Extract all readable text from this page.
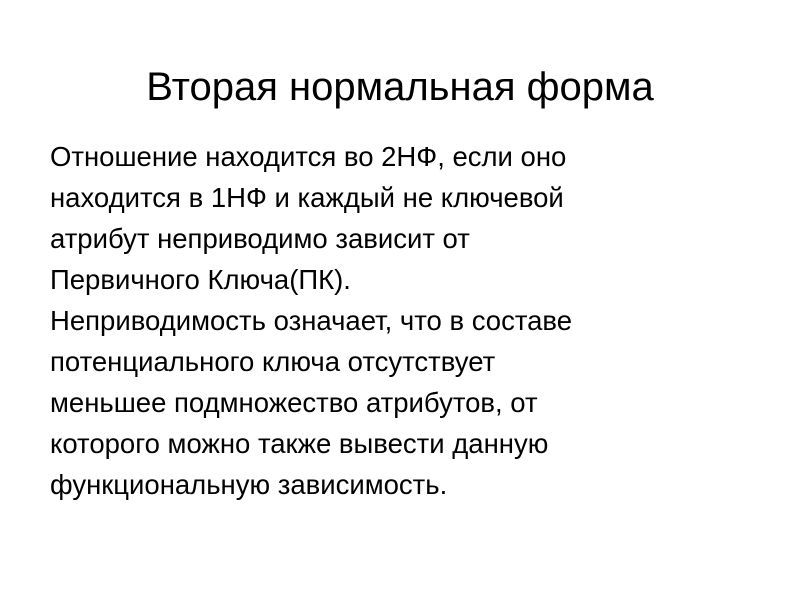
Вторая нормальная форма
Отношение находится во 2НФ, если оно
находится в 1НФ и каждый не ключевой
атрибут неприводимо зависит от
Первичного Ключа(ПК).
Неприводимость означает, что в составе
потенциального ключа отсутствует
меньшее подмножество атрибутов, от
которого можно также вывести данную
функциональную зависимость.
